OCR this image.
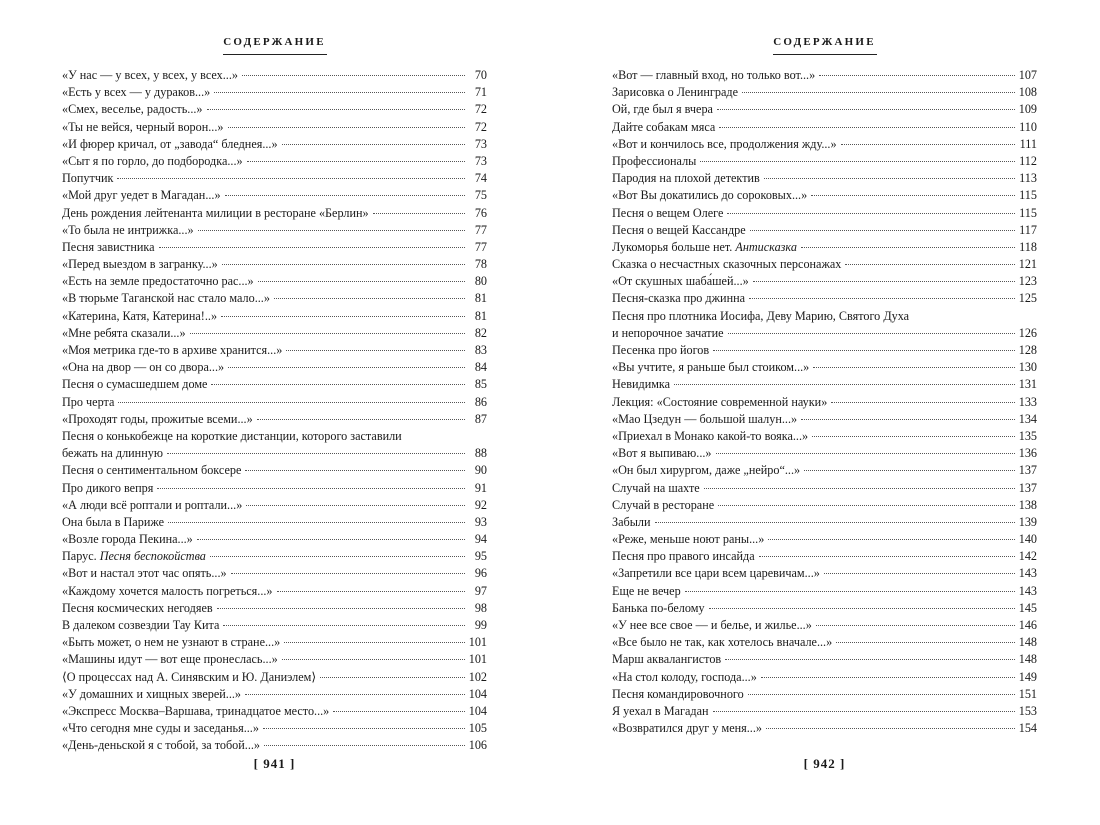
СОДЕРЖАНИЕ
«У нас — у всех, у всех, у всех...»	70
«Есть у всех — у дураков...»	71
«Смех, веселье, радость...»	72
«Ты не вейся, черный ворон...»	72
«И фюрер кричал, от „завода“ бледнея...»	73
«Сыт я по горло, до подбородка...»	73
Попутчик	74
«Мой друг уедет в Магадан...»	75
День рождения лейтенанта милиции в ресторане «Берлин»	76
«То была не интрижка...»	77
Песня завистника	77
«Перед выездом в загранку...»	78
«Есть на земле предостаточно рас...»	80
«В тюрьме Таганской нас стало мало...»	81
«Катерина, Катя, Катерина!..»	81
«Мне ребята сказали...»	82
«Моя метрика где-то в архиве хранится...»	83
«Она на двор — он со двора...»	84
Песня о сумасшедшем доме	85
Про черта	86
«Проходят годы, прожитые всеми...»	87
Песня о конькобежце на короткие дистанции, которого заставили
бежать на длинную	88
Песня о сентиментальном боксере	90
Про дикого вепря	91
«А люди всё роптали и роптали...»	92
Она была в Париже	93
«Возле города Пекина...»	94
Парус. Песня беспокойства	95
«Вот и настал этот час опять...»	96
«Каждому хочется малость погреться...»	97
Песня космических негодяев	98
В далеком созвездии Тау Кита	99
«Быть может, о нем не узнают в стране...»	101
«Машины идут — вот еще пронеслась...»	101
⟨О процессах над А. Синявским и Ю. Даниэлем⟩	102
«У домашних и хищных зверей...»	104
«Экспресс Москва–Варшава, тринадцатое место...»	104
«Что сегодня мне суды и заседанья...»	105
«День-деньской я с тобой, за тобой...»	106
[ 941 ]
СОДЕРЖАНИЕ
«Вот — главный вход, но только вот...»	107
Зарисовка о Ленинграде	108
Ой, где был я вчера	109
Дайте собакам мяса	110
«Вот и кончилось все, продолжения жду...»	111
Профессионалы	112
Пародия на плохой детектив	113
«Вот Вы докатились до сороковых...»	115
Песня о вещем Олеге	115
Песня о вещей Кассандре	117
Лукоморья больше нет. Антисказка	118
Сказка о несчастных сказочных персонажах	121
«От скушных шаба́шей...»	123
Песня-сказка про джинна	125
Песня про плотника Иосифа, Деву Марию, Святого Духа
и непорочное зачатие	126
Песенка про йогов	128
«Вы учтите, я раньше был стоиком...»	130
Невидимка	131
Лекция: «Состояние современной науки»	133
«Мао Цзедун — большой шалун...»	134
«Приехал в Монако какой-то вояка...»	135
«Вот я выпиваю...»	136
«Он был хирургом, даже „нейро“...»	137
Случай на шахте	137
Случай в ресторане	138
Забыли	139
«Реже, меньше ноют раны...»	140
Песня про правого инсайда	142
«Запретили все цари всем царевичам...»	143
Еще не вечер	143
Банька по-белому	145
«У нее все свое — и белье, и жилье...»	146
«Все было не так, как хотелось вначале...»	148
Марш аквалангистов	148
«На стол колоду, господа...»	149
Песня командировочного	151
Я уехал в Магадан	153
«Возвратился друг у меня...»	154
[ 942 ]
